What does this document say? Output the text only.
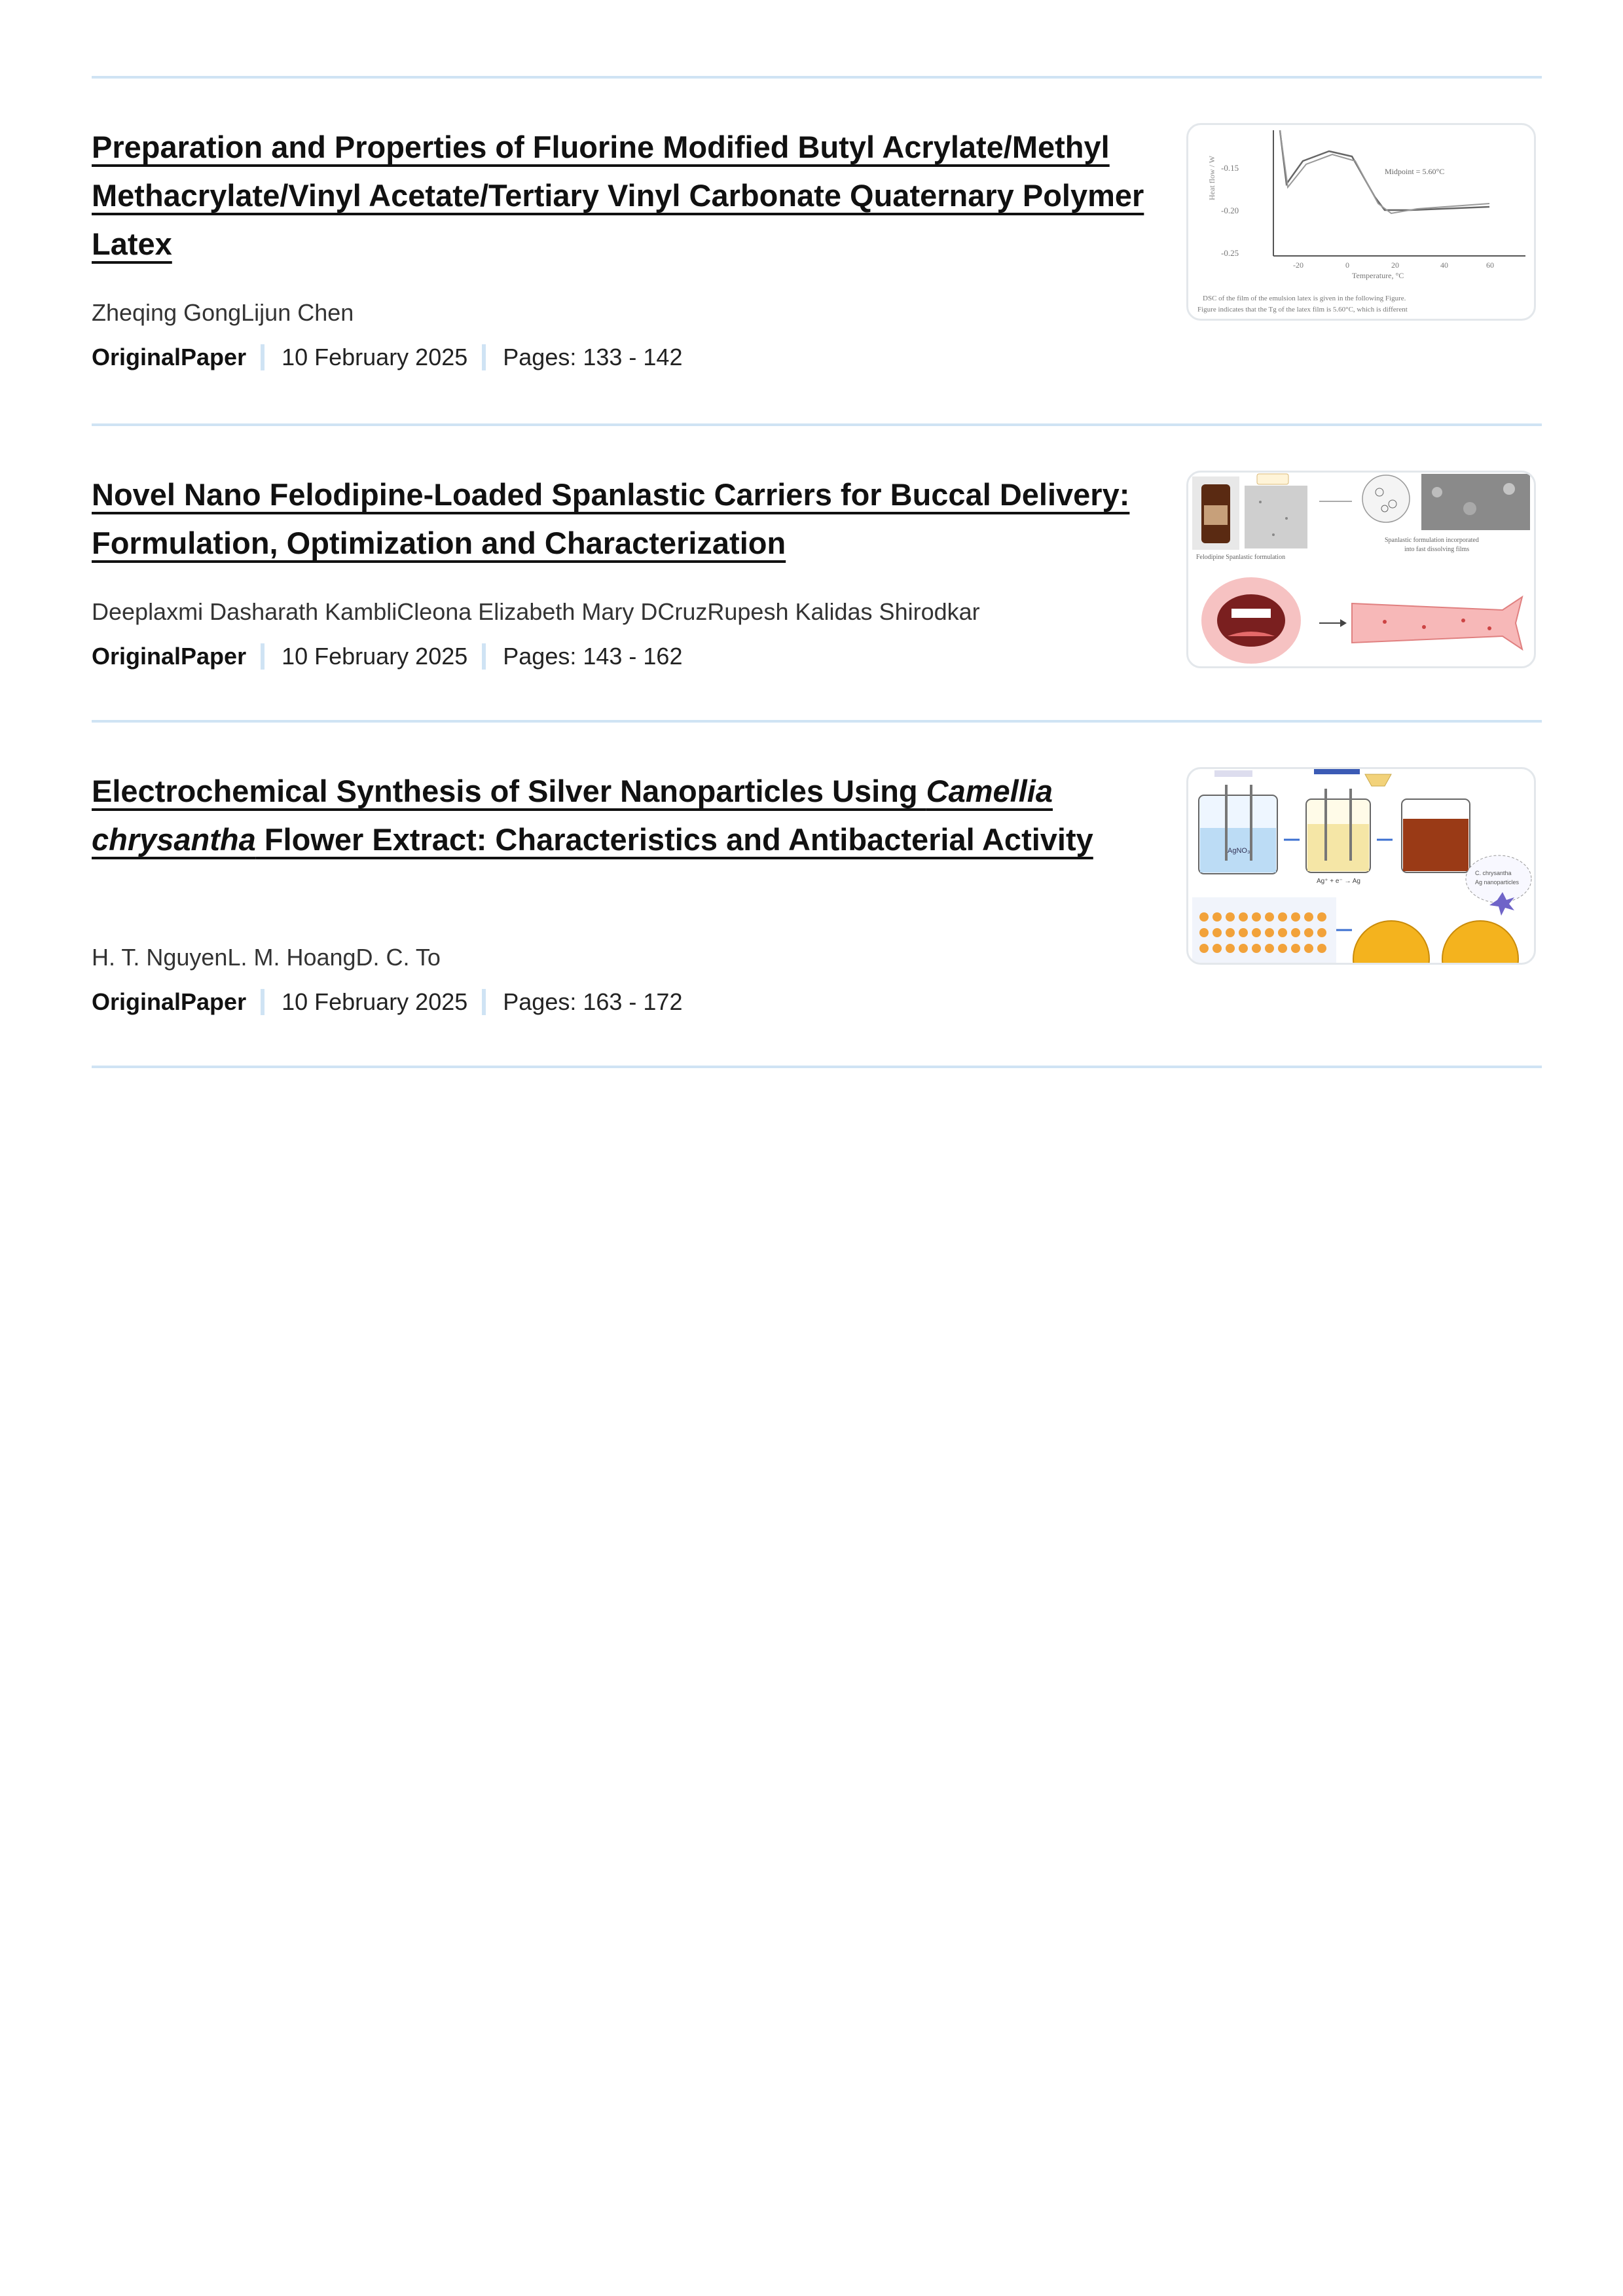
Preparation and Properties of Fluorine Modified Butyl Acrylate/Methyl Methacrylate/Vinyl Acetate/Tertiary Vinyl Carbonate Quaternary Polymer Latex

Zheqing GongLijun Chen

OriginalPaper 10 February 2025 Pages: 133 - 142

-0.15
-0.20
-0.25
Heat flow / W
-20	0	20	40	60
Temperature, °C
Midpoint = 5.60°C
DSC of the film of the emulsion latex is given in the following Figure.
Figure indicates that the Tg of the latex film is 5.60°C, which is different
Novel Nano Felodipine-Loaded Spanlastic Carriers for Buccal Delivery: Formulation, Optimization and Characterization

Deeplaxmi Dasharath KambliCleona Elizabeth Mary DCruzRupesh Kalidas Shirodkar

OriginalPaper 10 February 2025 Pages: 143 - 162

Felodipine Spanlastic formulation
Spanlastic formulation incorporated
into fast dissolving films
Electrochemical Synthesis of Silver Nanoparticles Using Camellia chrysantha Flower Extract: Characteristics and Antibacterial Activity

H. T. NguyenL. M. HoangD. C. To

OriginalPaper 10 February 2025 Pages: 163 - 172

AgNO₃
Ag⁺ + e⁻ → Ag
C. chrysantha
Ag nanoparticles
